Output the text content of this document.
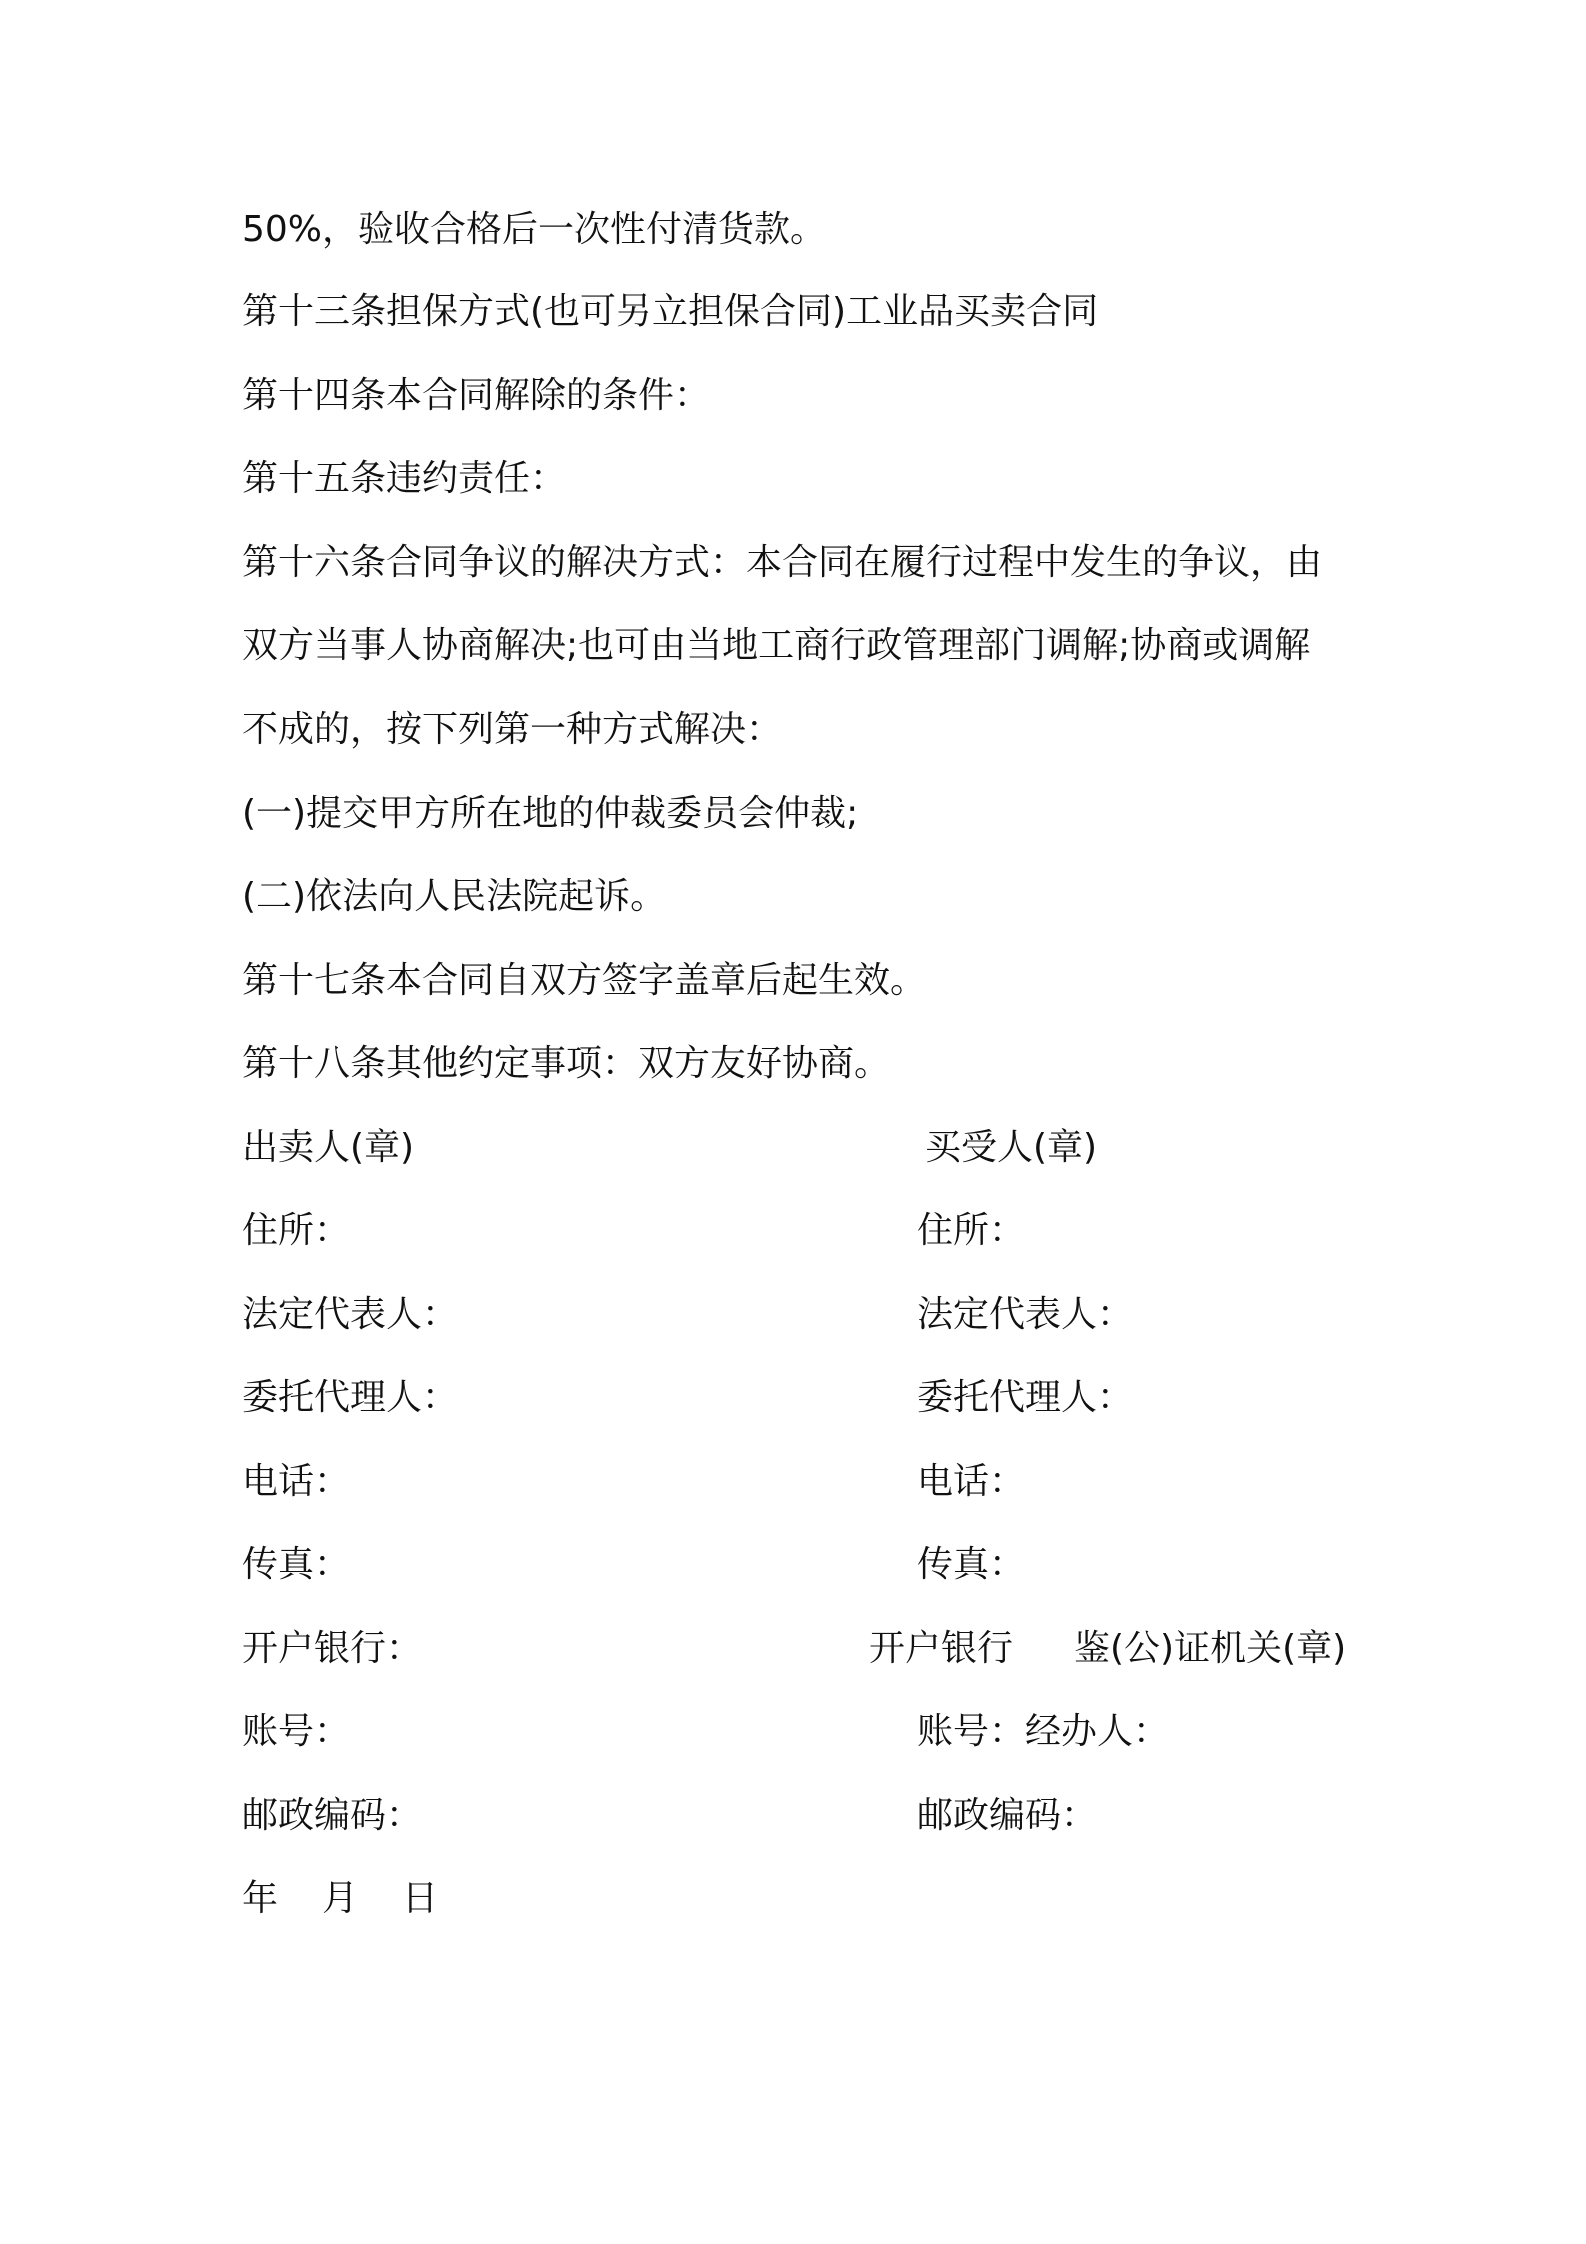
50%，验收合格后一次性付清货款。
第十三条担保方式(也可另立担保合同)工业品买卖合同
第十四条本合同解除的条件：
第十五条违约责任：
第十六条合同争议的解决方式：本合同在履行过程中发生的争议，由
双方当事人协商解决;也可由当地工商行政管理部门调解;协商或调解
不成的，按下列第一种方式解决：
(一)提交甲方所在地的仲裁委员会仲裁;
(二)依法向人民法院起诉。
第十七条本合同自双方签字盖章后起生效。
第十八条其他约定事项：双方友好协商。
出卖人(章)
住所：
法定代表人：
委托代理人：
电话：
传真：
开户银行：
账号：
邮政编码：
买受人(章)
住所：
法定代表人：
委托代理人：
电话：
传真：
开户银行 鉴(公)证机关(章)
账号：经办人：
邮政编码：
年 月 日
